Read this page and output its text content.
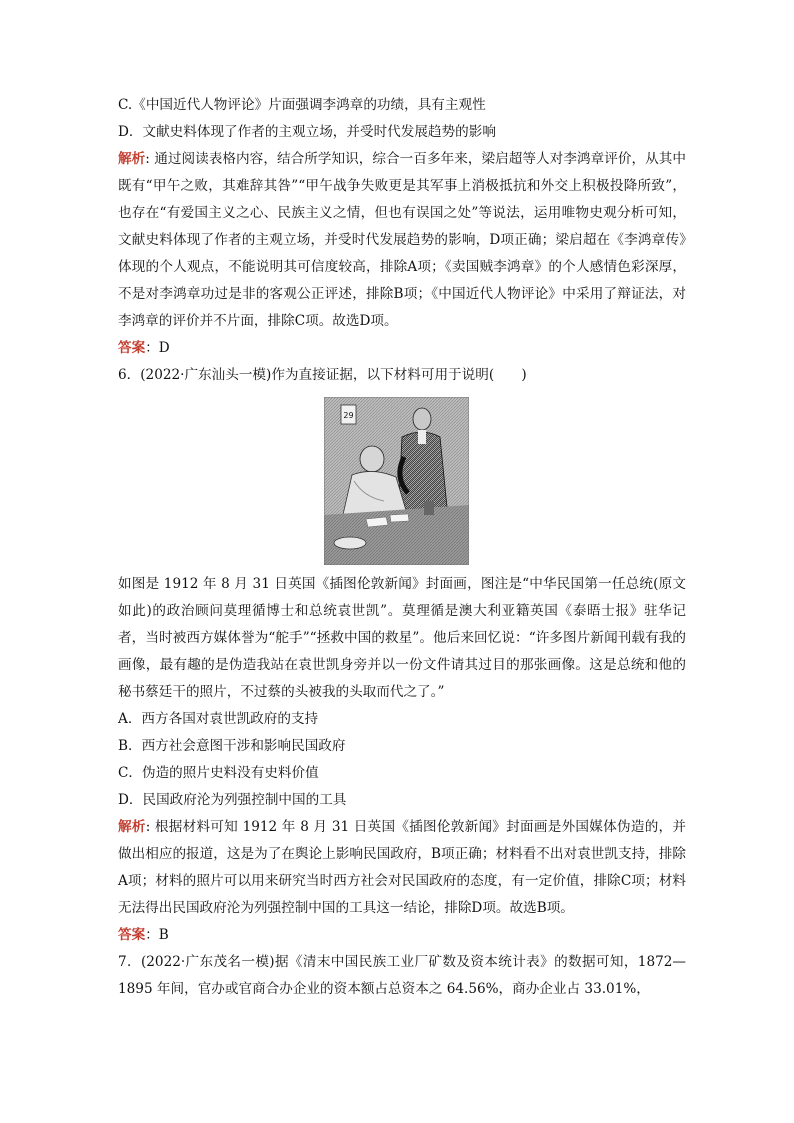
C.《中国近代人物评论》片面强调李鸿章的功绩，具有主观性
D．文献史料体现了作者的主观立场，并受时代发展趋势的影响
解析: 通过阅读表格内容，结合所学知识，综合一百多年来，梁启超等人对李鸿章评价，从其中既有“甲午之败，其难辞其咎”“甲午战争失败更是其军事上消极抵抗和外交上积极投降所致”，也存在“有爱国主义之心、民族主义之情，但也有误国之处”等说法，运用唯物史观分析可知，文献史料体现了作者的主观立场，并受时代发展趋势的影响，D项正确；梁启超在《李鸿章传》体现的个人观点，不能说明其可信度较高，排除A项；《卖国贼李鸿章》的个人感情色彩深厚，不是对李鸿章功过是非的客观公正评述，排除B项；《中国近代人物评论》中采用了辩证法，对李鸿章的评价并不片面，排除C项。故选D项。
答案：D
6．(2022·广东汕头一模)作为直接证据，以下材料可用于说明(　　)
29
如图是 1912 年 8 月 31 日英国《插图伦敦新闻》封面画，图注是“中华民国第一任总统(原文如此)的政治顾问莫理循博士和总统袁世凯”。莫理循是澳大利亚籍英国《泰晤士报》驻华记者，当时被西方媒体誉为“舵手”“拯救中国的救星”。他后来回忆说：“许多图片新闻刊载有我的画像，最有趣的是伪造我站在袁世凯身旁并以一份文件请其过目的那张画像。这是总统和他的秘书蔡廷干的照片，不过蔡的头被我的头取而代之了。”
A．西方各国对袁世凯政府的支持
B．西方社会意图干涉和影响民国政府
C．伪造的照片史料没有史料价值
D．民国政府沦为列强控制中国的工具
解析: 根据材料可知 1912 年 8 月 31 日英国《插图伦敦新闻》封面画是外国媒体伪造的，并做出相应的报道，这是为了在舆论上影响民国政府，B项正确；材料看不出对袁世凯支持，排除A项；材料的照片可以用来研究当时西方社会对民国政府的态度，有一定价值，排除C项；材料无法得出民国政府沦为列强控制中国的工具这一结论，排除D项。故选B项。
答案：B
7．(2022·广东茂名一模)据《清末中国民族工业厂矿数及资本统计表》的数据可知，1872—1895 年间，官办或官商合办企业的资本额占总资本之 64.56%，商办企业占 33.01%，
